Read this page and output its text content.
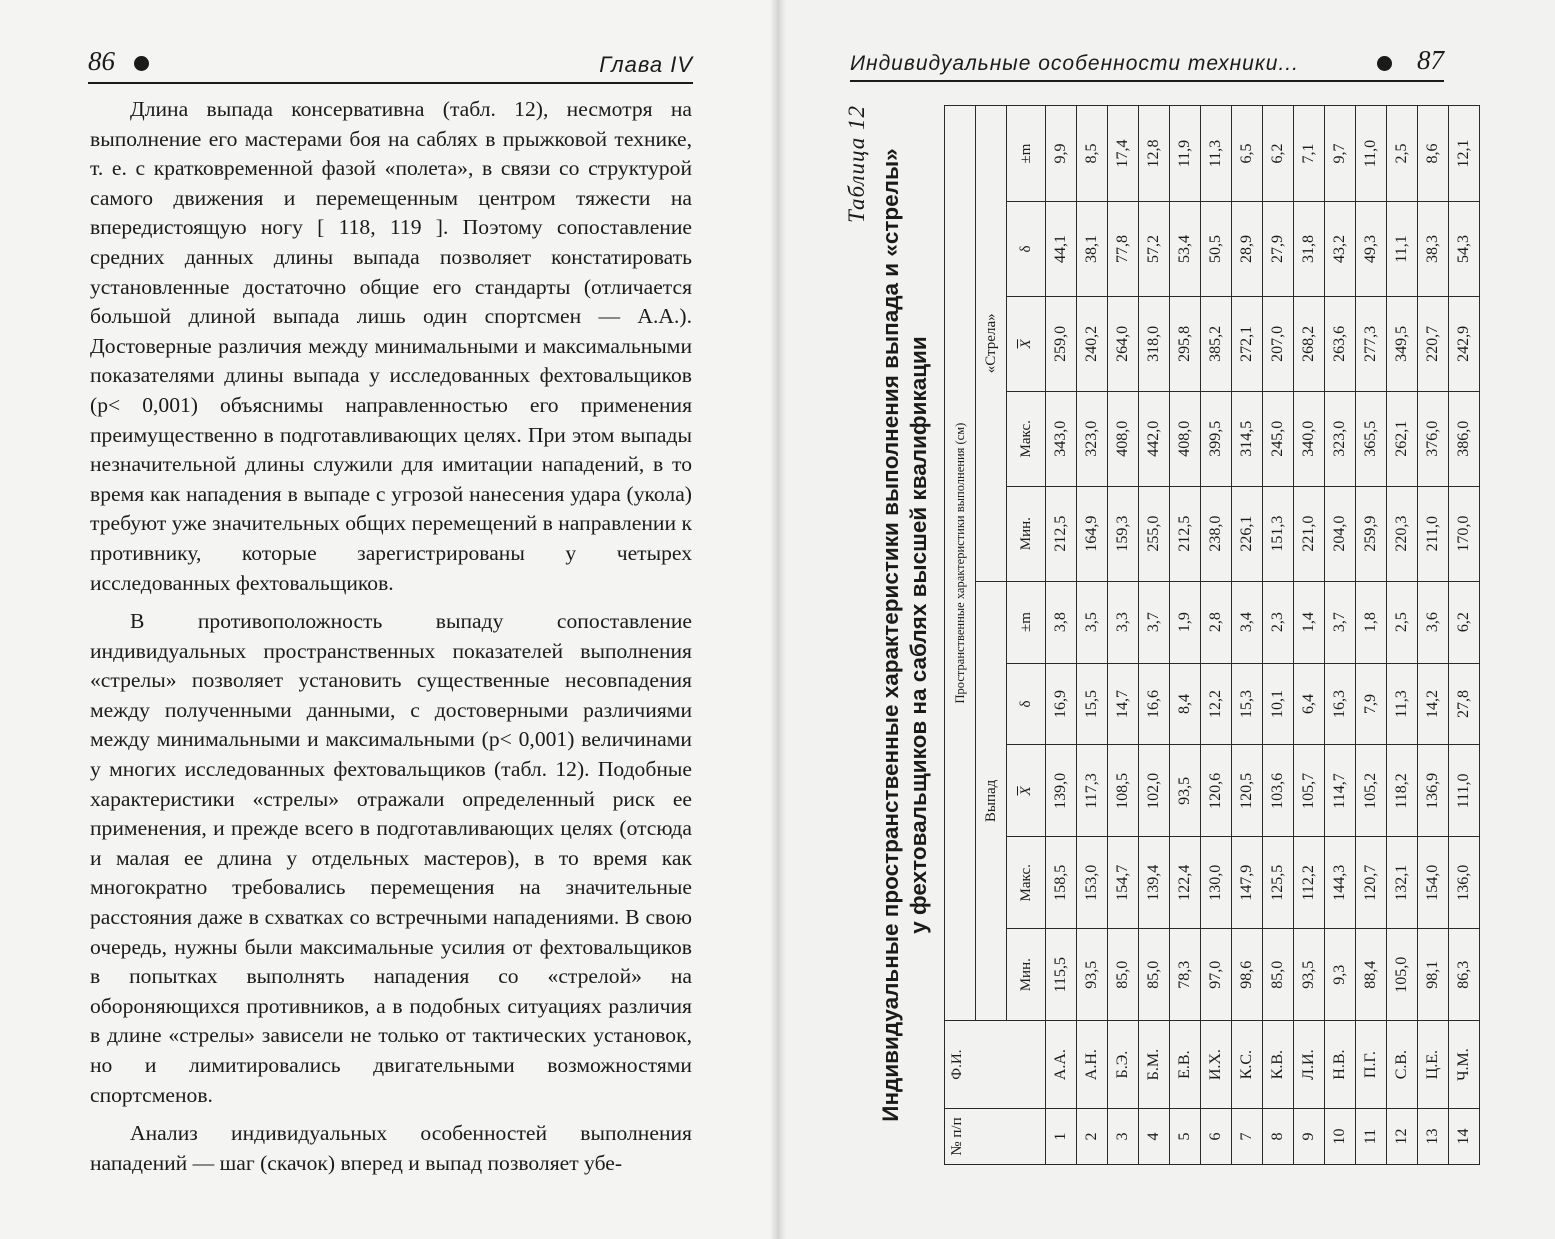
86	Глава IV

Длина выпада консервативна (табл. 12), несмотря на выполнение его мастерами боя на саблях в прыжковой технике, т. е. с кратковременной фазой «полета», в связи со структурой самого движения и перемещенным центром тяжести на впередистоящую ногу [ 118, 119 ]. Поэтому сопоставление средних данных длины выпада позволяет констатировать установленные достаточно общие его стандарты (отличается большой длиной выпада лишь один спортсмен — А.А.). Достоверные различия между минимальными и максимальными показателями длины выпада у исследованных фехтовальщиков (р< 0,001) объяснимы направленностью его применения преимущественно в подготавливающих целях. При этом выпады незначительной длины служили для имитации нападений, в то время как нападения в выпаде с угрозой нанесения удара (укола) требуют уже значительных общих перемещений в направлении к противнику, которые зарегистрированы у четырех исследованных фехтовальщиков.

В противоположность выпаду сопоставление индивидуальных пространственных показателей выполнения «стрелы» позволяет установить существенные несовпадения между полученными данными, с достоверными различиями между минимальными и максимальными (р< 0,001) величинами у многих исследованных фехтовальщиков (табл. 12). Подобные характеристики «стрелы» отражали определенный риск ее применения, и прежде всего в подготавливающих целях (отсюда и малая ее длина у отдельных мастеров), в то время как многократно требовались перемещения на значительные расстояния даже в схватках со встречными нападениями. В свою очередь, нужны были максимальные усилия от фехтовальщиков в попытках выполнять нападения со «стрелой» на обороняющихся противников, а в подобных ситуациях различия в длине «стрелы» зависели не только от тактических установок, но и лимитировались двигательными возможностями спортсменов.

Анализ индивидуальных особенностей выполнения нападений — шаг (скачок) вперед и выпад позволяет убе-

Индивидуальные особенности техники...	87
Таблица 12 Индивидуальные пространственные характеристики выполнения выпада и «стрелы» у фехтовальщиков на саблях высшей квалификации
№ п/п	Ф.И.	Пространственные характеристики выполнения (см)									
		Выпад					«Стрела»				
		Мин.	Макс.	$\overline{X}$	δ	±m	Мин.	Макс.	$\overline{X}$	δ	±m
1	А.А.	115,5	158,5	139,0	16,9	3,8	212,5	343,0	259,0	44,1	9,9
2	А.Н.	93,5	153,0	117,3	15,5	3,5	164,9	323,0	240,2	38,1	8,5
3	Б.Э.	85,0	154,7	108,5	14,7	3,3	159,3	408,0	264,0	77,8	17,4
4	Б.М.	85,0	139,4	102,0	16,6	3,7	255,0	442,0	318,0	57,2	12,8
5	Е.В.	78,3	122,4	93,5	8,4	1,9	212,5	408,0	295,8	53,4	11,9
6	И.Х.	97,0	130,0	120,6	12,2	2,8	238,0	399,5	385,2	50,5	11,3
7	К.С.	98,6	147,9	120,5	15,3	3,4	226,1	314,5	272,1	28,9	6,5
8	К.В.	85,0	125,5	103,6	10,1	2,3	151,3	245,0	207,0	27,9	6,2
9	Л.И.	93,5	112,2	105,7	6,4	1,4	221,0	340,0	268,2	31,8	7,1
10	Н.В.	9,3	144,3	114,7	16,3	3,7	204,0	323,0	263,6	43,2	9,7
11	П.Г.	88,4	120,7	105,2	7,9	1,8	259,9	365,5	277,3	49,3	11,0
12	С.В.	105,0	132,1	118,2	11,3	2,5	220,3	262,1	349,5	11,1	2,5
13	Ц.Е.	98,1	154,0	136,9	14,2	3,6	211,0	376,0	220,7	38,3	8,6
14	Ч.М.	86,3	136,0	111,0	27,8	6,2	170,0	386,0	242,9	54,3	12,1
